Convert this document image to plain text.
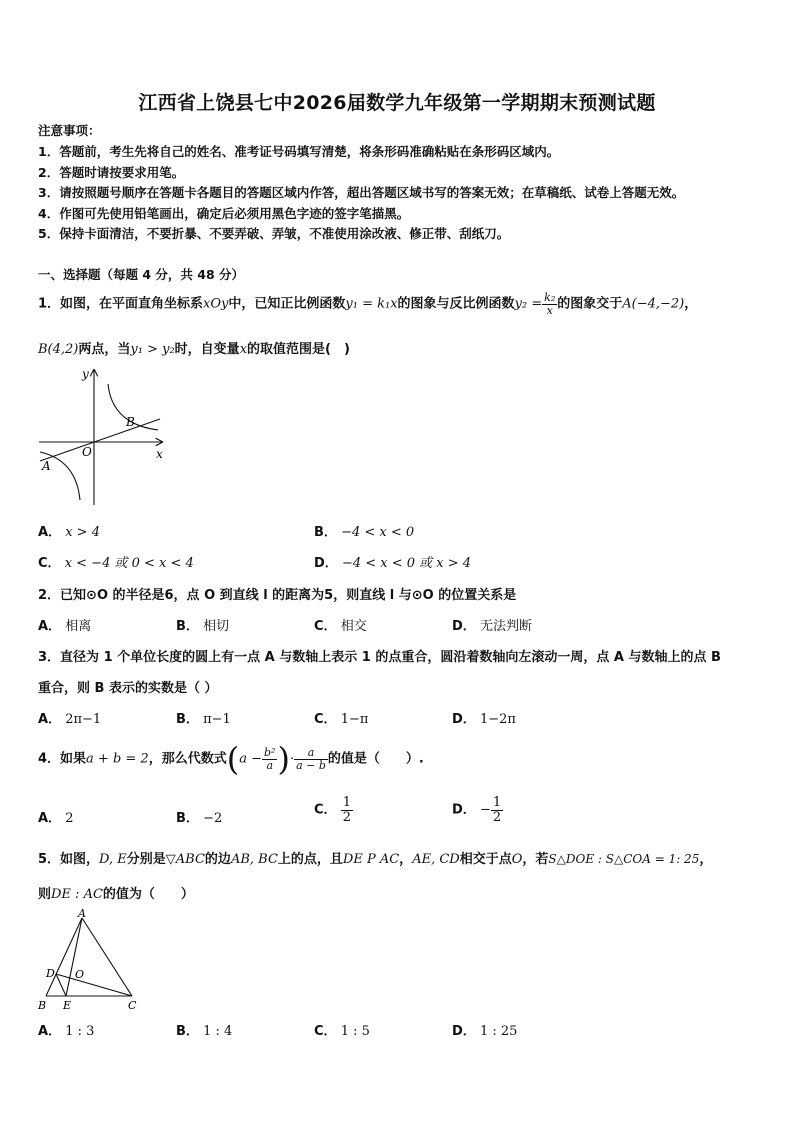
江西省上饶县七中2026届数学九年级第一学期期末预测试题
注意事项：
1．答题前，考生先将自己的姓名、准考证号码填写清楚，将条形码准确粘贴在条形码区域内。
2．答题时请按要求用笔。
3．请按照题号顺序在答题卡各题目的答题区域内作答，超出答题区域书写的答案无效；在草稿纸、试卷上答题无效。
4．作图可先使用铅笔画出，确定后必须用黑色字迹的签字笔描黑。
5．保持卡面清洁，不要折暴、不要弄破、弄皱，不准使用涂改液、修正带、刮纸刀。
一、选择题（每题 4 分，共 48 分）
1．如图，在平面直角坐标系xOy中，已知正比例函数y₁ = k₁x的图象与反比例函数$y_2 = \frac{\text{k₂}}{x}$ 的图象交于A(−4,−2)，
B(4,2)两点，当y₁ > y₂时，自变量x的取值范围是(　)
y
x
O
A
B
A． x > 4	B． −4 < x < 0
C． x < −4 或 0 < x < 4	D． −4 < x < 0 或 x > 4
2．已知⊙O 的半径是6，点 O 到直线 l 的距离为5，则直线 l 与⊙O 的位置关系是
A． 相离	B． 相切	C． 相交	D． 无法判断
3．直径为 1 个单位长度的圆上有一点 A 与数轴上表示 1 的点重合，圆沿着数轴向左滚动一周，点 A 与数轴上的点 B
重合，则 B 表示的实数是（ ）
A． 2π−1	B． π−1	C． 1−π	D． 1−2π
4．如果a + b = 2，那么代数式($a - \frac{\text{b²}}{a}$ )· $\frac{a}{a - b}$ 的值是（　　）.
A． 2	B． −2
C． $\frac{1}{2}$	D． − $\frac{1}{2}$
5．如图，D, E分别是▽ABC的边AB, BC上的点，且DE P AC，AE, CD相交于点O，若S△DOE : S△COA = 1: 25，
则DE : AC的值为（　　）
A
B	C
D
E
O
A． 1 : 3	B． 1 : 4	C． 1 : 5	D． 1 : 25
